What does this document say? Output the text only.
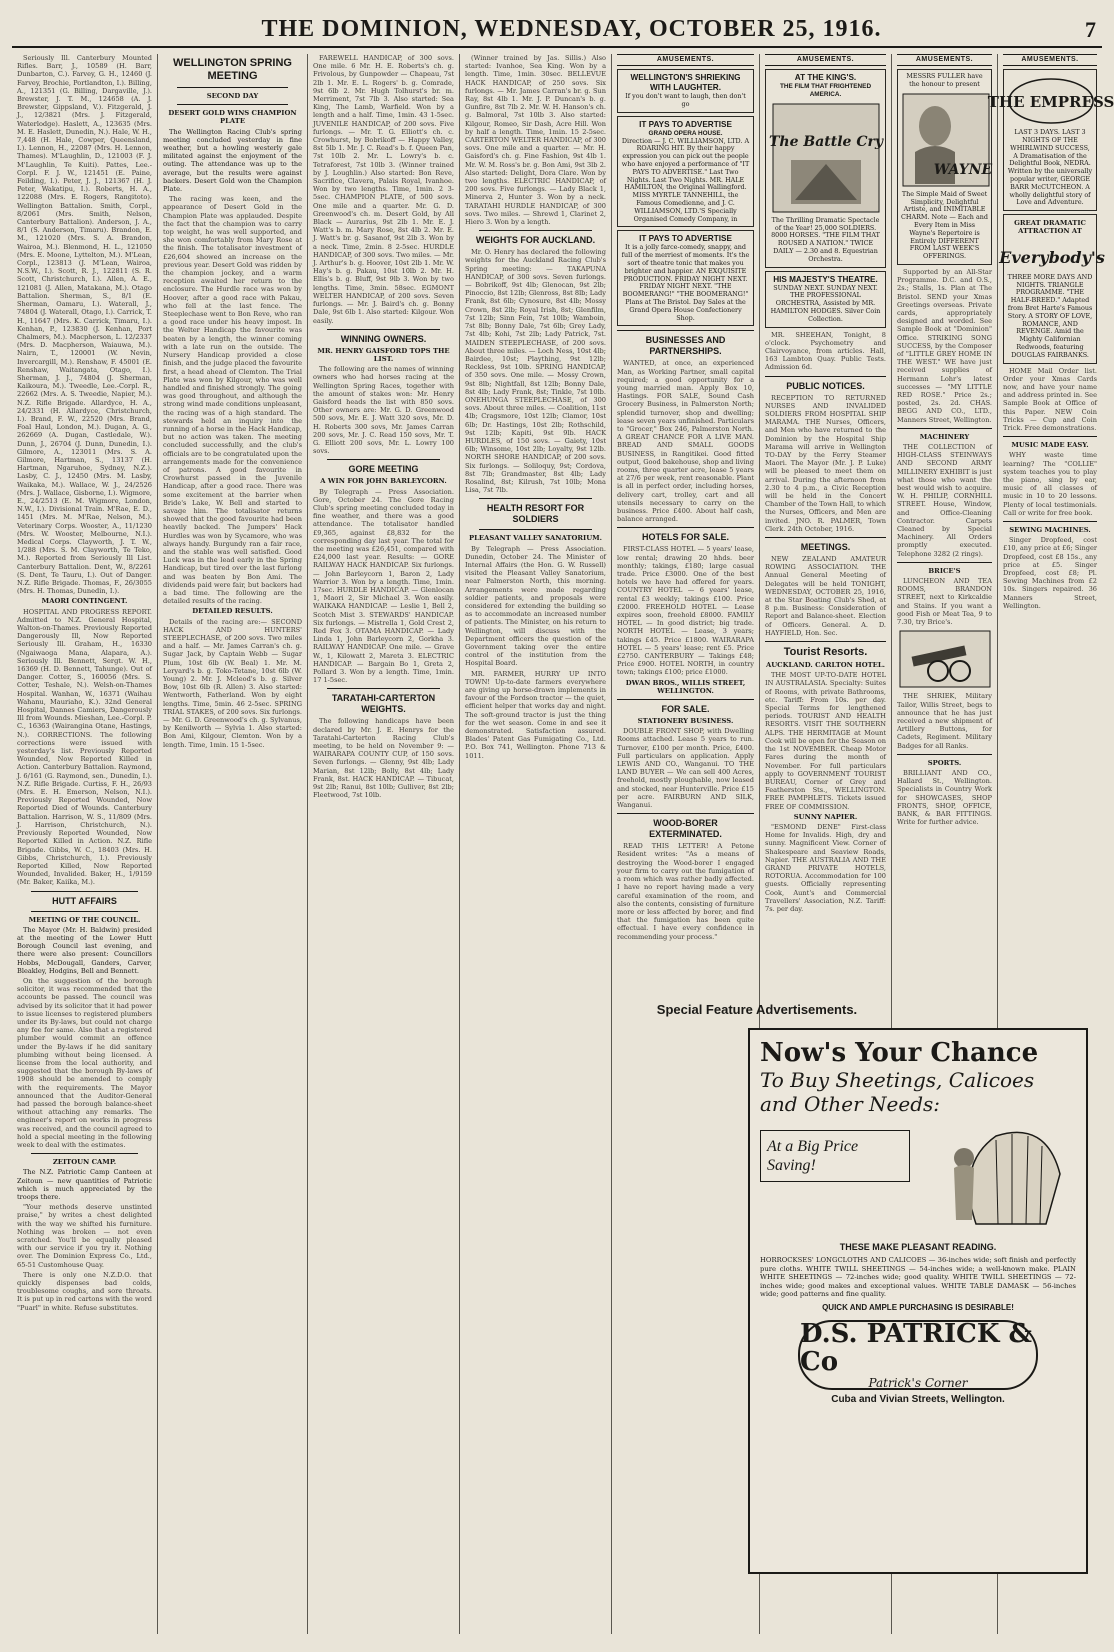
THE DOMINION, WEDNESDAY, OCTOBER 25, 1916.	7

Seriously Ill. Canterbury Mounted Rifles. Barr, J., 10589 (H. Barr, Dunbarton, C.). Farvey, G. H., 12460 (J. Farvey, Brochie, Portlandton, I.). Billing, A., 121351 (G. Billing, Dargaville, J.). Brewster, J. T. M., 124658 (A. J. Brewster, Gippsland, V.). Fitzgerald, J. J., 12/3821 (Mrs. J. Fitzgerald, Waterlodge). Haslett, A., 123635 (Mrs. M. E. Haslett, Dunedin, N.). Hale, W. H., 7,448 (H. Hale, Cowper, Queensland, I.). Lennon, H., 22087 (Mrs. H. Lennon, Thames). M'Laughlin, D., 121003 (F. J. M'Laughlin, Te Kuiti). Pattes, Lee.-Corpl. F. J. W., 121451 (E. Paine, Feilding, I.). Peter, J. J., 121367 (H. J. Peter, Wakatipu, I.). Roberts, H. A., 122088 (Mrs. E. Rogers, Rangitoto). Wellington Battalion. Smith, Corpl., 8/2061 (Mrs. Smith, Nelson, Canterbury Battalion). Anderson, J. A., 8/1 (S. Anderson, Timaru). Brandon, E. M., 121020 (Mrs. S. A. Brandon, Wairoa, M.). Blenmond, H. L., 121050 (Mrs. E. Moone, Lyttelton, M.). M'Lean, Corpl., 123813 (J. M'Lean, Wairoa, N.S.W., I.). Scott, R. J., 122811 (S. R. Scott, Christchurch, I.). Allen, A. E., 121081 (J. Allen, Matakana, M.). Otago Battalion. Sherman, S., 8/1 (E. Sherman, Oamaru, I.). Waterall, J., 74804 (J. Waterall, Otago, I.). Carrick, T. H., 11647 (Mrs. K. Carrick, Timaru, I.). Kenhan, P., 123830 (J. Kenhan, Port Chalmers, M.). Macpherson, L. 12/2337 (Mrs. D. Macpherson, Waiauwa, M.). Nairn, T., 120001 (W. Nevin, Invercargill, M.). Renshaw, F. 45001 (E. Renshaw, Waitangata, Otago, I.). Sherman, J. J., 74804 (J. Sherman, Kaikoura, M.). Tweedle, Lee.-Corpl. R., 22662 (Mrs. A. S. Tweedie, Napier, M.). N.Z. Rifle Brigade. Allardyce, H. A., 24/2331 (H. Allardyce, Christchurch, I.). Brand, F. W., 22520 (Mrs. Brand, Foal Haul, London, M.). Dugan, A. G., 262669 (A. Dugan, Castledale, W.). Dunn, J., 26704 (J. Dunn, Dunedin, I.). Gilmore, A., 123011 (Mrs. S. A. Gilmore, Hartman, S., 13137 (H. Hartman, Ngaruhoe, Sydney, N.Z.). Lasby, C. J., 12450 (Mrs. M. Lasby, Waikaka, M.). Wallace, W. J., 24/2526 (Mrs. J. Wallace, Gisborne, I.). Wigmore, E., 24/2513 (E. M. Wigmore, London, N.W., I.). Divisional Train. M'Rae, E. D., 1451 (Mrs. M. M'Rae, Nelson, M.). Veterinary Corps. Wooster, A., 11/1230 (Mrs. W. Wooster, Melbourne, N.I.). Medical Corps. Clayworth, J. T. W., 1/288 (Mrs. S. M. Clayworth, Te Teko, M.). Reported from Seriously Ill List. Canterbury Battalion. Dent, W., 8/2261 (S. Dent, Te Tauru, I.). Out of Danger. N.Z. Rifle Brigade. Thomas, F., 26/3055 (Mrs. H. Thomas, Dunedin, I.).

MAORI CONTINGENT.

HOSPITAL AND PROGRESS REPORT. Admitted to N.Z. General Hospital, Walton-on-Thames. Previously Reported Dangerously Ill, Now Reported Seriously Ill. Graham, H., 16330 (Ngaiwaoga Mana, Alapara, A.). Seriously Ill. Bennett, Sergt. W. H., 16369 (H. D. Bennett, Tahunge). Out of Danger. Cotter, S., 160056 (Mrs. S. Cotter, Teshale, N.). Welsh-on-Thames Hospital. Wanhan, W., 16371 (Waihau Wahanu, Mauriaho, K.). 32nd General Hospital, Dannes Camiers, Dangerously Ill from Wounds. Mieshan, Lee.-Corpl. P. C., 16363 (Wairangina Otane, Hastings, N.). CORRECTIONS. The following corrections were issued with yesterday's list. Previously Reported Wounded, Now Reported Killed in Action. Canterbury Battalion. Raymond, J. 6/161 (G. Raymond, sen., Dunedin, I.). N.Z. Rifle Brigade. Curtiss, F. H., 26/93 (Mrs. E. H. Emerson, Nelson, N.I.). Previously Reported Wounded, Now Reported Died of Wounds. Canterbury Battalion. Harrison, W. S., 11/809 (Mrs. J. Harrison, Christchurch, N.). Previously Reported Wounded, Now Reported Killed in Action. N.Z. Rifle Brigade. Gibbs, W. C., 18403 (Mrs. H. Gibbs, Christchurch, I.). Previously Reported Killed, Now Reported Wounded, Invalided. Baker, H., 1/9159 (Mr. Baker, Kaiika, M.).

HUTT AFFAIRS
MEETING OF THE COUNCIL.

The Mayor (Mr. H. Baldwin) presided at the meeting of the Lower Hutt Borough Council last evening, and there were also present: Councillors Hobbs, McDougall, Ganders, Carver, Bleakley, Hodgins, Bell and Bennett.

On the suggestion of the borough solicitor, it was recommended that the accounts be passed. The council was advised by its solicitor that it had power to issue licenses to registered plumbers under its By-laws, but could not charge any fee for same. Also that a registered plumber would commit an offence under the By-laws if he did sanitary plumbing without being licensed. A license from the local authority, and suggested that the borough By-laws of 1908 should be amended to comply with the requirements. The Mayor announced that the Auditor-General had passed the borough balance-sheet without attaching any remarks. The engineer's report on works in progress was received, and the council agreed to hold a special meeting in the following week to deal with the estimates.

ZEITOUN CAMP.

The N.Z. Patriotic Camp Canteen at Zeitoun — new quantities of Patriotic which is much appreciated by the troops there.

"Your methods deserve unstinted praise," by writes a chest delighted with the way we shifted his furniture. Nothing was broken — not even scratched. You'll be equally pleased with our service if you try it. Nothing over. The Dominion Express Co., Ltd., 65-51 Customhouse Quay.

There is only one N.Z.D.O. that quickly dispenses bad colds, troublesome coughs, and sore throats. It is put up in red cartons with the word "Puarl" in white. Refuse substitutes.

WELLINGTON SPRING MEETING
SECOND DAY
DESERT GOLD WINS CHAMPION PLATE

The Wellington Racing Club's spring meeting concluded yesterday in fine weather, but a howling westerly gale militated against the enjoyment of the outing. The attendance was up to the average, but the results were against backers. Desert Gold won the Champion Plate.

The racing was keen, and the appearance of Desert Gold in the Champion Plate was applauded. Despite the fact that the champion was to carry top weight, he was well supported, and she won comfortably from Mary Rose at the finish. The totalisator investment of £26,604 showed an increase on the previous year. Desert Gold was ridden by the champion jockey, and a warm reception awaited her return to the enclosure. The Hurdle race was won by Hoover, after a good race with Pakau, who fell at the last fence. The Steeplechase went to Bon Reve, who ran a good race under his heavy impost. In the Welter Handicap the favourite was beaten by a length, the winner coming with a late run on the outside. The Nursery Handicap provided a close finish, and the judge placed the favourite first, a head ahead of Clemton. The Trial Plate was won by Kilgour, who was well handled and finished strongly. The going was good throughout, and although the strong wind made conditions unpleasant, the racing was of a high standard. The stewards held an inquiry into the running of a horse in the Hack Handicap, but no action was taken. The meeting concluded successfully, and the club's officials are to be congratulated upon the arrangements made for the convenience of patrons. A good favourite in Crowhurst passed in the Juvenile Handicap, after a good race. There was some excitement at the barrier when Bride's Lake, W. Bell and started to savage him. The totalisator returns showed that the good favourite had been heavily backed. The Jumpers' Hack Hurdles was won by Sycamore, who was always handy. Burgundy ran a fair race, and the stable was well satisfied. Good Luck was in the lead early in the Spring Handicap, but tired over the last furlong and was beaten by Bon Ami. The dividends paid were fair, but backers had a bad time. The following are the detailed results of the racing.

DETAILED RESULTS.

Details of the racing are:— SECOND HACK AND HUNTERS' STEEPLECHASE, of 200 sovs. Two miles and a half. — Mr. James Carran's ch. g. Sugar Jack, by Captain Webb — Sugar Plum, 10st 6lb (W. Beal) 1. Mr. M. Leryard's b. g. Toko-Tetane, 10st 6lb (W. Young) 2. Mr. J. Mcleod's b. g. Silver Bow, 10st 6lb (R. Allen) 3. Also started: Wentworth, Fatherland. Won by eight lengths. Time, 5min. 46 2-5sec. SPRING TRIAL STAKES, of 200 sovs. Six furlongs. — Mr. G. D. Greenwood's ch. g. Sylvanus, by Kenilworth — Sylvia 1. Also started: Bon Ami, Kilgour, Clemton. Won by a length. Time, 1min. 15 1-5sec.

FAREWELL HANDICAP, of 300 sovs. One mile. 6 Mr. H. E. Roberts's ch. g. Frivolous, by Gunpowder — Chapeau, 7st 2lb 1. Mr. E. L. Rogers' b. g. Comrade, 9st 6lb 2. Mr. Hugh Tolhurst's br. m. Merriment, 7st 7lb 3. Also started: Sea King, The Lamb, Warfield. Won by a length and a half. Time, 1min. 43 1-5sec. JUVENILE HANDICAP, of 200 sovs. Five furlongs. — Mr. T. G. Elliott's ch. c. Crowhurst, by Bobrikoff — Happy Valley, 8st 5lb 1. Mr. J. C. Read's b. f. Queen Pan, 7st 10lb 2. Mr. L. Lowry's b. c. Tetraforest, 7st 10lb 3. (Winner trained by J. Loughlin.) Also started: Bon Reve, Sacrifice, Clavera, Palais Royal, Ivanhoe. Won by two lengths. Time, 1min. 2 3-5sec. CHAMPION PLATE, of 500 sovs. One mile and a quarter. Mr. G. D. Greenwood's ch. m. Desert Gold, by All Black — Aurarius, 9st 2lb 1. Mr. E. J. Watt's b. m. Mary Rose, 8st 4lb 2. Mr. E. J. Watt's br. g. Sasanof, 9st 2lb 3. Won by a neck. Time, 2min. 8 2-5sec. HURDLE HANDICAP, of 300 sovs. Two miles. — Mr. J. Arthur's b. g. Hoover, 10st 2lb 1. Mr. W. Hay's b. g. Pakau, 10st 10lb 2. Mr. H. Ellis's b. g. Bluff, 9st 9lb 3. Won by two lengths. Time, 3min. 58sec. EGMONT WELTER HANDICAP, of 200 sovs. Seven furlongs. — Mr. J. Baird's ch. g. Bonny Dale, 9st 6lb 1. Also started: Kilgour. Won easily.

WINNING OWNERS.
MR. HENRY GAISFORD TOPS THE LIST.

The following are the names of winning owners who had horses racing at the Wellington Spring Races, together with the amount of stakes won: Mr. Henry Gaisford heads the list with 850 sovs. Other owners are: Mr. G. D. Greenwood 500 sovs, Mr. E. J. Watt 320 sovs, Mr. D. H. Roberts 300 sovs, Mr. James Carran 200 sovs, Mr. J. C. Read 150 sovs, Mr. T. G. Elliott 200 sovs, Mr. L. Lowry 100 sovs.

GORE MEETING
A WIN FOR JOHN BARLEYCORN.

By Telegraph — Press Association. Gore, October 24. The Gore Racing Club's spring meeting concluded today in fine weather, and there was a good attendance. The totalisator handled £9,365, against £8,832 for the corresponding day last year. The total for the meeting was £26,451, compared with £24,000 last year. Results: — GORE RAILWAY HACK HANDICAP. Six furlongs. — John Barleycorn 1, Baron 2, Lady Warrior 3. Won by a length. Time, 1min. 17sec. HURDLE HANDICAP. — Glenlocan 1, Maori 2, Sir Michael 3. Won easily. WAIKAKA HANDICAP. — Leslie 1, Bell 2, Scotch Mist 3. STEWARDS' HANDICAP. Six furlongs. — Mistrella 1, Gold Crest 2, Red Fox 3. OTAMA HANDICAP. — Lady Linda 1, John Barleycorn 2, Gorkha 3. RAILWAY HANDICAP. One mile. — Grave W., 1, Kilowatt 2, Mareta 3. ELECTRIC HANDICAP. — Bargain Bo 1, Greta 2, Pollard 3. Won by a length. Time, 1min. 17 1-5sec.

TARATAHI-CARTERTON WEIGHTS.

The following handicaps have been declared by Mr. J. E. Henrys for the Taratahi-Carterton Racing Club's meeting, to be held on November 9: — WAIRARAPA COUNTY CUP, of 150 sovs. Seven furlongs. — Glenny, 9st 4lb; Lady Marian, 8st 12lb; Bolly, 8st 4lb; Lady Frank, 8st. HACK HANDICAP. — Tibucat, 9st 2lb; Ranui, 8st 10lb; Gulliver, 8st 2lb; Fleetwood, 7st 10lb.

(Winner trained by Jas. Sillis.) Also started: Ivanhoe, Sea King. Won by a length. Time, 1min. 30sec. BELLEVUE HACK HANDICAP, of 250 sovs. Six furlongs. — Mr. James Carran's br. g. Sun Ray, 8st 4lb 1. Mr. J. P. Duncan's b. g. Gunfire, 8st 7lb 2. Mr. W. H. Hanson's ch. g. Balmoral, 7st 10lb 3. Also started: Kilgour, Romeo, Sir Dash, Acre Hill. Won by half a length. Time, 1min. 15 2-5sec. CARTERTON WELTER HANDICAP, of 300 sovs. One mile and a quarter. — Mr. H. Gaisford's ch. g. Fine Fashion, 9st 4lb 1. Mr. W. M. Ross's br. g. Bon Ami, 9st 3lb 2. Also started: Delight, Dora Clare. Won by two lengths. ELECTRIC HANDICAP, of 200 sovs. Five furlongs. — Lady Black 1, Minerva 2, Hunter 3. Won by a neck. TARATAHI HURDLE HANDICAP, of 300 sovs. Two miles. — Shrewd 1, Clarinet 2, Hiero 3. Won by a length.

WEIGHTS FOR AUCKLAND.

Mr. O. Henry has declared the following weights for the Auckland Racing Club's Spring meeting: — TAKAPUNA HANDICAP, of 300 sovs. Seven furlongs. — Bobrikoff, 9st 4lb; Glenocan, 9st 2lb; Pinoccio, 8st 12lb; Glenross, 8st 8lb; Lady Frank, 8st 6lb; Cynosure, 8st 4lb; Mossy Crown, 8st 2lb; Royal Irish, 8st; Glenfilm, 7st 12lb; Sinn Fein, 7st 10lb; Wamboin, 7st 8lb; Bonny Dale, 7st 6lb; Grey Lady, 7st 4lb; Kohi, 7st 2lb; Lady Patrick, 7st. MAIDEN STEEPLECHASE, of 200 sovs. About three miles. — Loch Ness, 10st 4lb; Bairdee, 10st; Plaything, 9st 12lb; Reckless, 9st 10lb. SPRING HANDICAP, of 350 sovs. One mile. — Mossy Crown, 9st 8lb; Nightfall, 8st 12lb; Bonny Dale, 8st 4lb; Lady Frank, 8st; Tinkle, 7st 10lb. ONEHUNGA STEEPLECHASE, of 300 sovs. About three miles. — Coalition, 11st 4lb; Cragsmore, 10st 12lb; Clamor, 10st 6lb; Dr. Hastings, 10st 2lb; Rothschild, 9st 12lb; Kapiti, 9st 9lb. HACK HURDLES, of 150 sovs. — Gaiety, 10st 6lb; Winsome, 10st 2lb; Loyalty, 9st 12lb. NORTH SHORE HANDICAP, of 200 sovs. Six furlongs. — Soliloquy, 9st; Cordova, 8st 7lb; Grandmaster, 8st 4lb; Lady Rosalind, 8st; Kilrush, 7st 10lb; Mona Lisa, 7st 7lb.

HEALTH RESORT FOR SOLDIERS
PLEASANT VALLEY SANATORIUM.

By Telegraph — Press Association. Dunedin, October 24. The Minister of Internal Affairs (the Hon. G. W. Russell) visited the Pleasant Valley Sanatorium, near Palmerston North, this morning. Arrangements were made regarding soldier patients, and proposals were considered for extending the building so as to accommodate an increased number of patients. The Minister, on his return to Wellington, will discuss with the Department officers the question of the Government taking over the entire control of the institution from the Hospital Board.

MR. FARMER, HURRY UP INTO TOWN! Up-to-date farmers everywhere are giving up horse-drawn implements in favour of the Fordson tractor — the quiet, efficient helper that works day and night. The soft-ground tractor is just the thing for the wet season. Come in and see it demonstrated. Satisfaction assured. Blades' Patent Gas Fumigating Co., Ltd. P.O. Box 741, Wellington. Phone 713 & 1011.

AMUSEMENTS.
WELLINGTON'S SHRIEKING WITH LAUGHTER.
If you don't want to laugh, then don't go
IT PAYS TO ADVERTISE
GRAND OPERA HOUSE.
Direction — J. C. WILLIAMSON, LTD. A ROARING HIT. By their happy expression you can pick out the people who have enjoyed a performance of "IT PAYS TO ADVERTISE." Last Two Nights. Last Two Nights. MR. HALE HAMILTON, the Original Wallingford. MISS MYRTLE TANNEHILL, the Famous Comedienne, and J. C. WILLIAMSON, LTD.'S Specially Organised Comedy Company, in
IT PAYS TO ADVERTISE
It is a jolly farce-comedy, snappy, and full of the merriest of moments. It's the sort of theatre tonic that makes you brighter and happier. AN EXQUISITE PRODUCTION. FRIDAY NIGHT NEXT. FRIDAY NIGHT NEXT. "THE BOOMERANG!" "THE BOOMERANG!" Plans at The Bristol. Day Sales at the Grand Opera House Confectionery Shop.
BUSINESSES AND PARTNERSHIPS.

WANTED, at once, an experienced Man, as Working Partner, small capital required; a good opportunity for a young married man. Apply Box 10, Hastings. FOR SALE, Sound Cash Grocery Business, in Palmerston North; splendid turnover, shop and dwelling; lease seven years unfinished. Particulars to "Grocer," Box 246, Palmerston North. A GREAT CHANCE FOR A LIVE MAN. BREAD AND SMALL GOODS BUSINESS, in Rangitikei. Good fitted output, Good bakehouse, shop and living rooms, three quarter acre, lease 5 years at 27/6 per week, rent reasonable. Plant is all in perfect order, including horses, delivery cart, trolley, cart and all utensils necessary to carry on the business. Price £400. About half cash, balance arranged.

HOTELS FOR SALE.

FIRST-CLASS HOTEL — 5 years' lease, low rental; drawing 20 hhds. beer monthly; takings, £180; large casual trade. Price £3000. One of the best hotels we have had offered for years. COUNTRY HOTEL — 6 years' lease, rental £3 weekly; takings £100. Price £2000. FREEHOLD HOTEL — Lease expires soon, freehold £8000. FAMILY HOTEL — In good district; big trade. NORTH HOTEL — Lease, 3 years; takings £45. Price £1800. WAIRARAPA HOTEL — 5 years' lease; rent £5. Price £2750. CANTERBURY — Takings £48; Price £900. HOTEL NORTH, in country town; takings £100; price £1000.

DWAN BROS., WILLIS STREET, WELLINGTON.
FOR SALE.
STATIONERY BUSINESS.

DOUBLE FRONT SHOP, with Dwelling Rooms attached. Lease 5 years to run. Turnover, £100 per month. Price, £400. Full particulars on application. Apply LEWIS AND CO., Wanganui. TO THE LAND BUYER — We can sell 400 Acres, freehold, mostly ploughable, now leased and stocked, near Hunterville. Price £15 per acre. FAIRBURN AND SILK, Wanganui.

WOOD-BORER EXTERMINATED.

READ THIS LETTER! A Petone Resident writes: "As a means of destroying the Wood-borer I engaged your firm to carry out the fumigation of a room which was rather badly affected. I have no report having made a very careful examination of the room, and also the contents, consisting of furniture more or less affected by borer, and find that the fumigation has been quite effectual. I have every confidence in recommending your process."

AMUSEMENTS.
AT THE KING'S.
THE FILM THAT FRIGHTENED AMERICA.
The Battle Cry
The Thrilling Dramatic Spectacle of the Year! 25,000 SOLDIERS. 8000 HORSES. "THE FILM THAT ROUSED A NATION." TWICE DAILY — 2.30 and 8. Equestrian Orchestra.
HIS MAJESTY'S THEATRE.
SUNDAY NEXT. SUNDAY NEXT. THE PROFESSIONAL ORCHESTRA, Assisted by MR. HAMILTON HODGES. Silver Coin Collection.

MR. SHEEHAN, Tonight, 8 o'clock. Psychometry and Clairvoyance, from articles. Hall, 163 Lambton Quay. Public Tests. Admission 6d.

PUBLIC NOTICES.

RECEPTION TO RETURNED NURSES AND INVALIDED SOLDIERS FROM HOSPITAL SHIP MARAMA. THE Nurses, Officers, and Men who have returned to the Dominion by the Hospital Ship Marama will arrive in Wellington TO-DAY by the Ferry Steamer Maori. The Mayor (Mr. J. P. Luke) will be pleased to meet them on arrival. During the afternoon from 2.30 to 4 p.m., a Civic Reception will be held in the Concert Chamber of the Town Hall, to which the Nurses, Officers, and Men are invited. JNO. R. PALMER, Town Clerk. 24th October, 1916.

MEETINGS.

NEW ZEALAND AMATEUR ROWING ASSOCIATION. THE Annual General Meeting of Delegates will be held TONIGHT, WEDNESDAY, OCTOBER 25, 1916, at the Star Boating Club's Shed, at 8 p.m. Business: Consideration of Report and Balance-sheet. Election of Officers. General. A. D. HAYFIELD, Hon. Sec.

Tourist Resorts.
AUCKLAND. CARLTON HOTEL.

THE MOST UP-TO-DATE HOTEL IN AUSTRALASIA. Specialty: Suites of Rooms, with private Bathrooms, etc. Tariff: From 10s. per day. Special Terms for lengthened periods. TOURIST AND HEALTH RESORTS. VISIT THE SOUTHERN ALPS. THE HERMITAGE at Mount Cook will be open for the Season on the 1st NOVEMBER. Cheap Motor Fares during the month of November. For full particulars apply to GOVERNMENT TOURIST BUREAU, Corner of Grey and Featherston Sts., WELLINGTON. FREE PAMPHLETS. Tickets issued FREE OF COMMISSION.

SUNNY NAPIER.

"ESMOND DENE" First-class Home for Invalids. High, dry and sunny. Magnificent View. Corner of Shakespeare and Seaview Roads, Napier. THE AUSTRALIA AND THE GRAND PRIVATE HOTELS, ROTORUA. Accommodation for 100 guests. Officially representing Cook, Aunt's and Commercial Travellers' Association, N.Z. Tariff: 7s. per day.

AMUSEMENTS.
MESSRS FULLER have the honour to present
WAYNE
The Simple Maid of Sweet Simplicity, Delightful Artiste, and INIMITABLE CHARM. Note — Each and Every Item in Miss Wayne's Repertoire is Entirely DIFFERENT FROM LAST WEEK'S OFFERINGS.

Supported by an All-Star Programme. D.C. and O.S., 2s.; Stalls, 1s. Plan at The Bristol. SEND your Xmas Greetings overseas. Private cards, appropriately designed and worded. See Sample Book at "Dominion" Office. STRIKING SONG SUCCESS, by the Composer of "LITTLE GREY HOME IN THE WEST." WE have just received supplies of Hermann Lohr's latest successes — "MY LITTLE RED ROSE." Price 2s.; posted, 2s. 2d. CHAS. BEGG AND CO., LTD., Manners Street, Wellington.

MACHINERY

THE COLLECTION of HIGH-CLASS STEINWAYS AND SECOND ARMY MILLINERY EXHIBIT is just what those who want the best would wish to acquire. W. H. PHILIP, CORNHILL STREET. House, Window, and Office-Cleaning Contractor. Carpets Cleaned by Special Machinery. All Orders promptly executed. Telephone 3282 (2 rings).

BRICE'S

LUNCHEON AND TEA ROOMS, BRANDON STREET, next to Kirkcaldie and Stains. If you want a good Fish or Meat Tea, 9 to 7.30, try Brice's.

THE SHRIEK, Military Tailor, Willis Street, begs to announce that he has just received a new shipment of Artillery Buttons, for Cadets, Regiment. Military Badges for all Ranks.

SPORTS.

BRILLIANT AND CO., Hallard St., Wellington. Specialists in Country Work for SHOWCASES, SHOP FRONTS, SHOP, OFFICE, BANK, & BAR FITTINGS. Write for further advice.

AMUSEMENTS.
THE EMPRESS
LAST 3 DAYS. LAST 3 NIGHTS OF THE WHIRLWIND SUCCESS, A Dramatisation of the Delightful Book, NEDRA. Written by the universally popular writer, GEORGE BARR McCUTCHEON. A wholly delightful story of Love and Adventure.
GREAT DRAMATIC ATTRACTION AT
Everybody's
THREE MORE DAYS AND NIGHTS. TRIANGLE PROGRAMME. "THE HALF-BREED." Adapted from Bret Harte's Famous Story. A STORY OF LOVE, ROMANCE, AND REVENGE. Amid the Mighty Californian Redwoods, featuring DOUGLAS FAIRBANKS.

HOME Mail Order list. Order your Xmas Cards now, and have your name and address printed in. See Sample Book at Office of this Paper. NEW Coin Tricks — Cup and Coin Trick. Free demonstrations.

MUSIC MADE EASY.

WHY waste time learning? The "COLLIE" system teaches you to play the piano, sing by ear, music of all classes of music in 10 to 20 lessons. Plenty of local testimonials. Call or write for free book.

SEWING MACHINES.

Singer Dropfeed, cost £10, any price at £6; Singer Dropfeed, cost £8 15s., any price at £5. Singer Dropfeed, cost £8; Pl. Sewing Machines from £2 10s. Singers repaired. 36 Manners Street, Wellington.

Special Feature Advertisements.
Now's Your Chance
To Buy Sheetings, Calicoes and Other Needs:
At a Big Price Saving!
THESE MAKE PLEASANT READING.
HORROCKSES' LONGCLOTHS AND CALICOES — 36-inches wide; soft finish and perfectly pure cloths. WHITE TWILL SHEETINGS — 54-inches wide; a well-known make. PLAIN WHITE SHEETINGS — 72-inches wide; good quality. WHITE TWILL SHEETINGS — 72-inches wide; good makes and exceptional values. WHITE TABLE DAMASK — 56-inches wide; good patterns and fine quality.
QUICK AND AMPLE PURCHASING IS DESIRABLE!
D.S. PATRICK & Co
Patrick's Corner
Cuba and Vivian Streets, Wellington.
